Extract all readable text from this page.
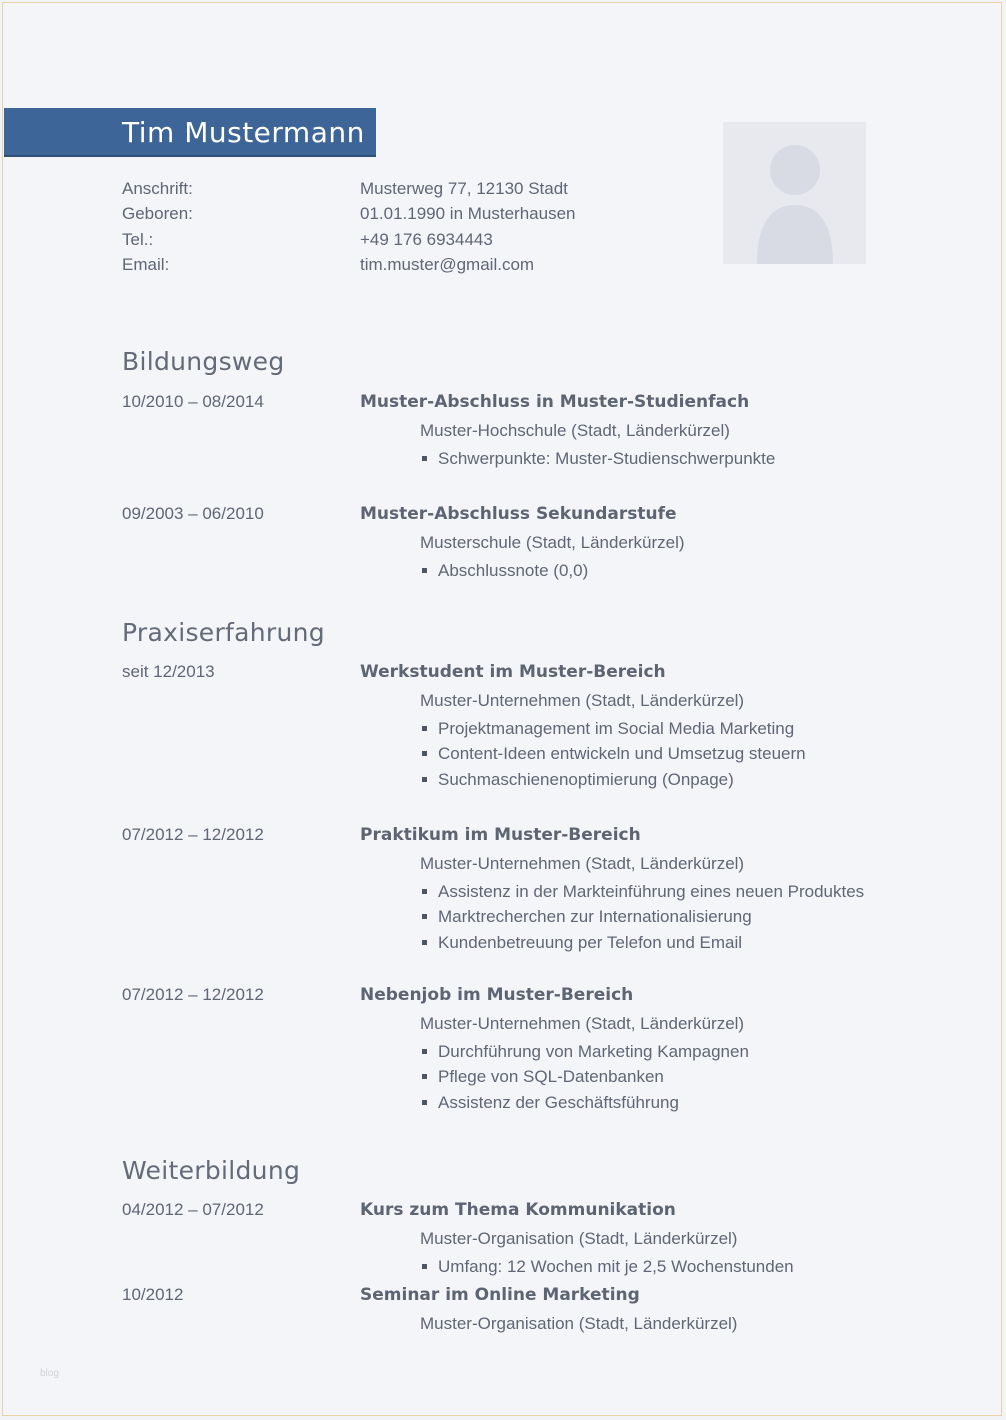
Tim Mustermann
Anschrift:	Musterweg 77, 12130 Stadt
Geboren:	01.01.1990 in Musterhausen
Tel.:	+49 176 6934443
Email:	tim.muster@gmail.com
Bildungsweg
10/2010 – 08/2014	Muster-Abschluss in Muster-Studienfach
Muster-Hochschule (Stadt, Länderkürzel)
Schwerpunkte: Muster-Studienschwerpunkte
09/2003 – 06/2010	Muster-Abschluss Sekundarstufe
Musterschule (Stadt, Länderkürzel)
Abschlussnote (0,0)
Praxiserfahrung
seit 12/2013	Werkstudent im Muster-Bereich
Muster-Unternehmen (Stadt, Länderkürzel)
Projektmanagement im Social Media Marketing
Content-Ideen entwickeln und Umsetzug steuern
Suchmaschienenoptimierung (Onpage)
07/2012 – 12/2012	Praktikum im Muster-Bereich
Muster-Unternehmen (Stadt, Länderkürzel)
Assistenz in der Markteinführung eines neuen Produktes
Marktrecherchen zur Internationalisierung
Kundenbetreuung per Telefon und Email
07/2012 – 12/2012	Nebenjob im Muster-Bereich
Muster-Unternehmen (Stadt, Länderkürzel)
Durchführung von Marketing Kampagnen
Pflege von SQL-Datenbanken
Assistenz der Geschäftsführung
Weiterbildung
04/2012 – 07/2012	Kurs zum Thema Kommunikation
Muster-Organisation (Stadt, Länderkürzel)
Umfang: 12 Wochen mit je 2,5 Wochenstunden
10/2012	Seminar im Online Marketing
Muster-Organisation (Stadt, Länderkürzel)
blog
